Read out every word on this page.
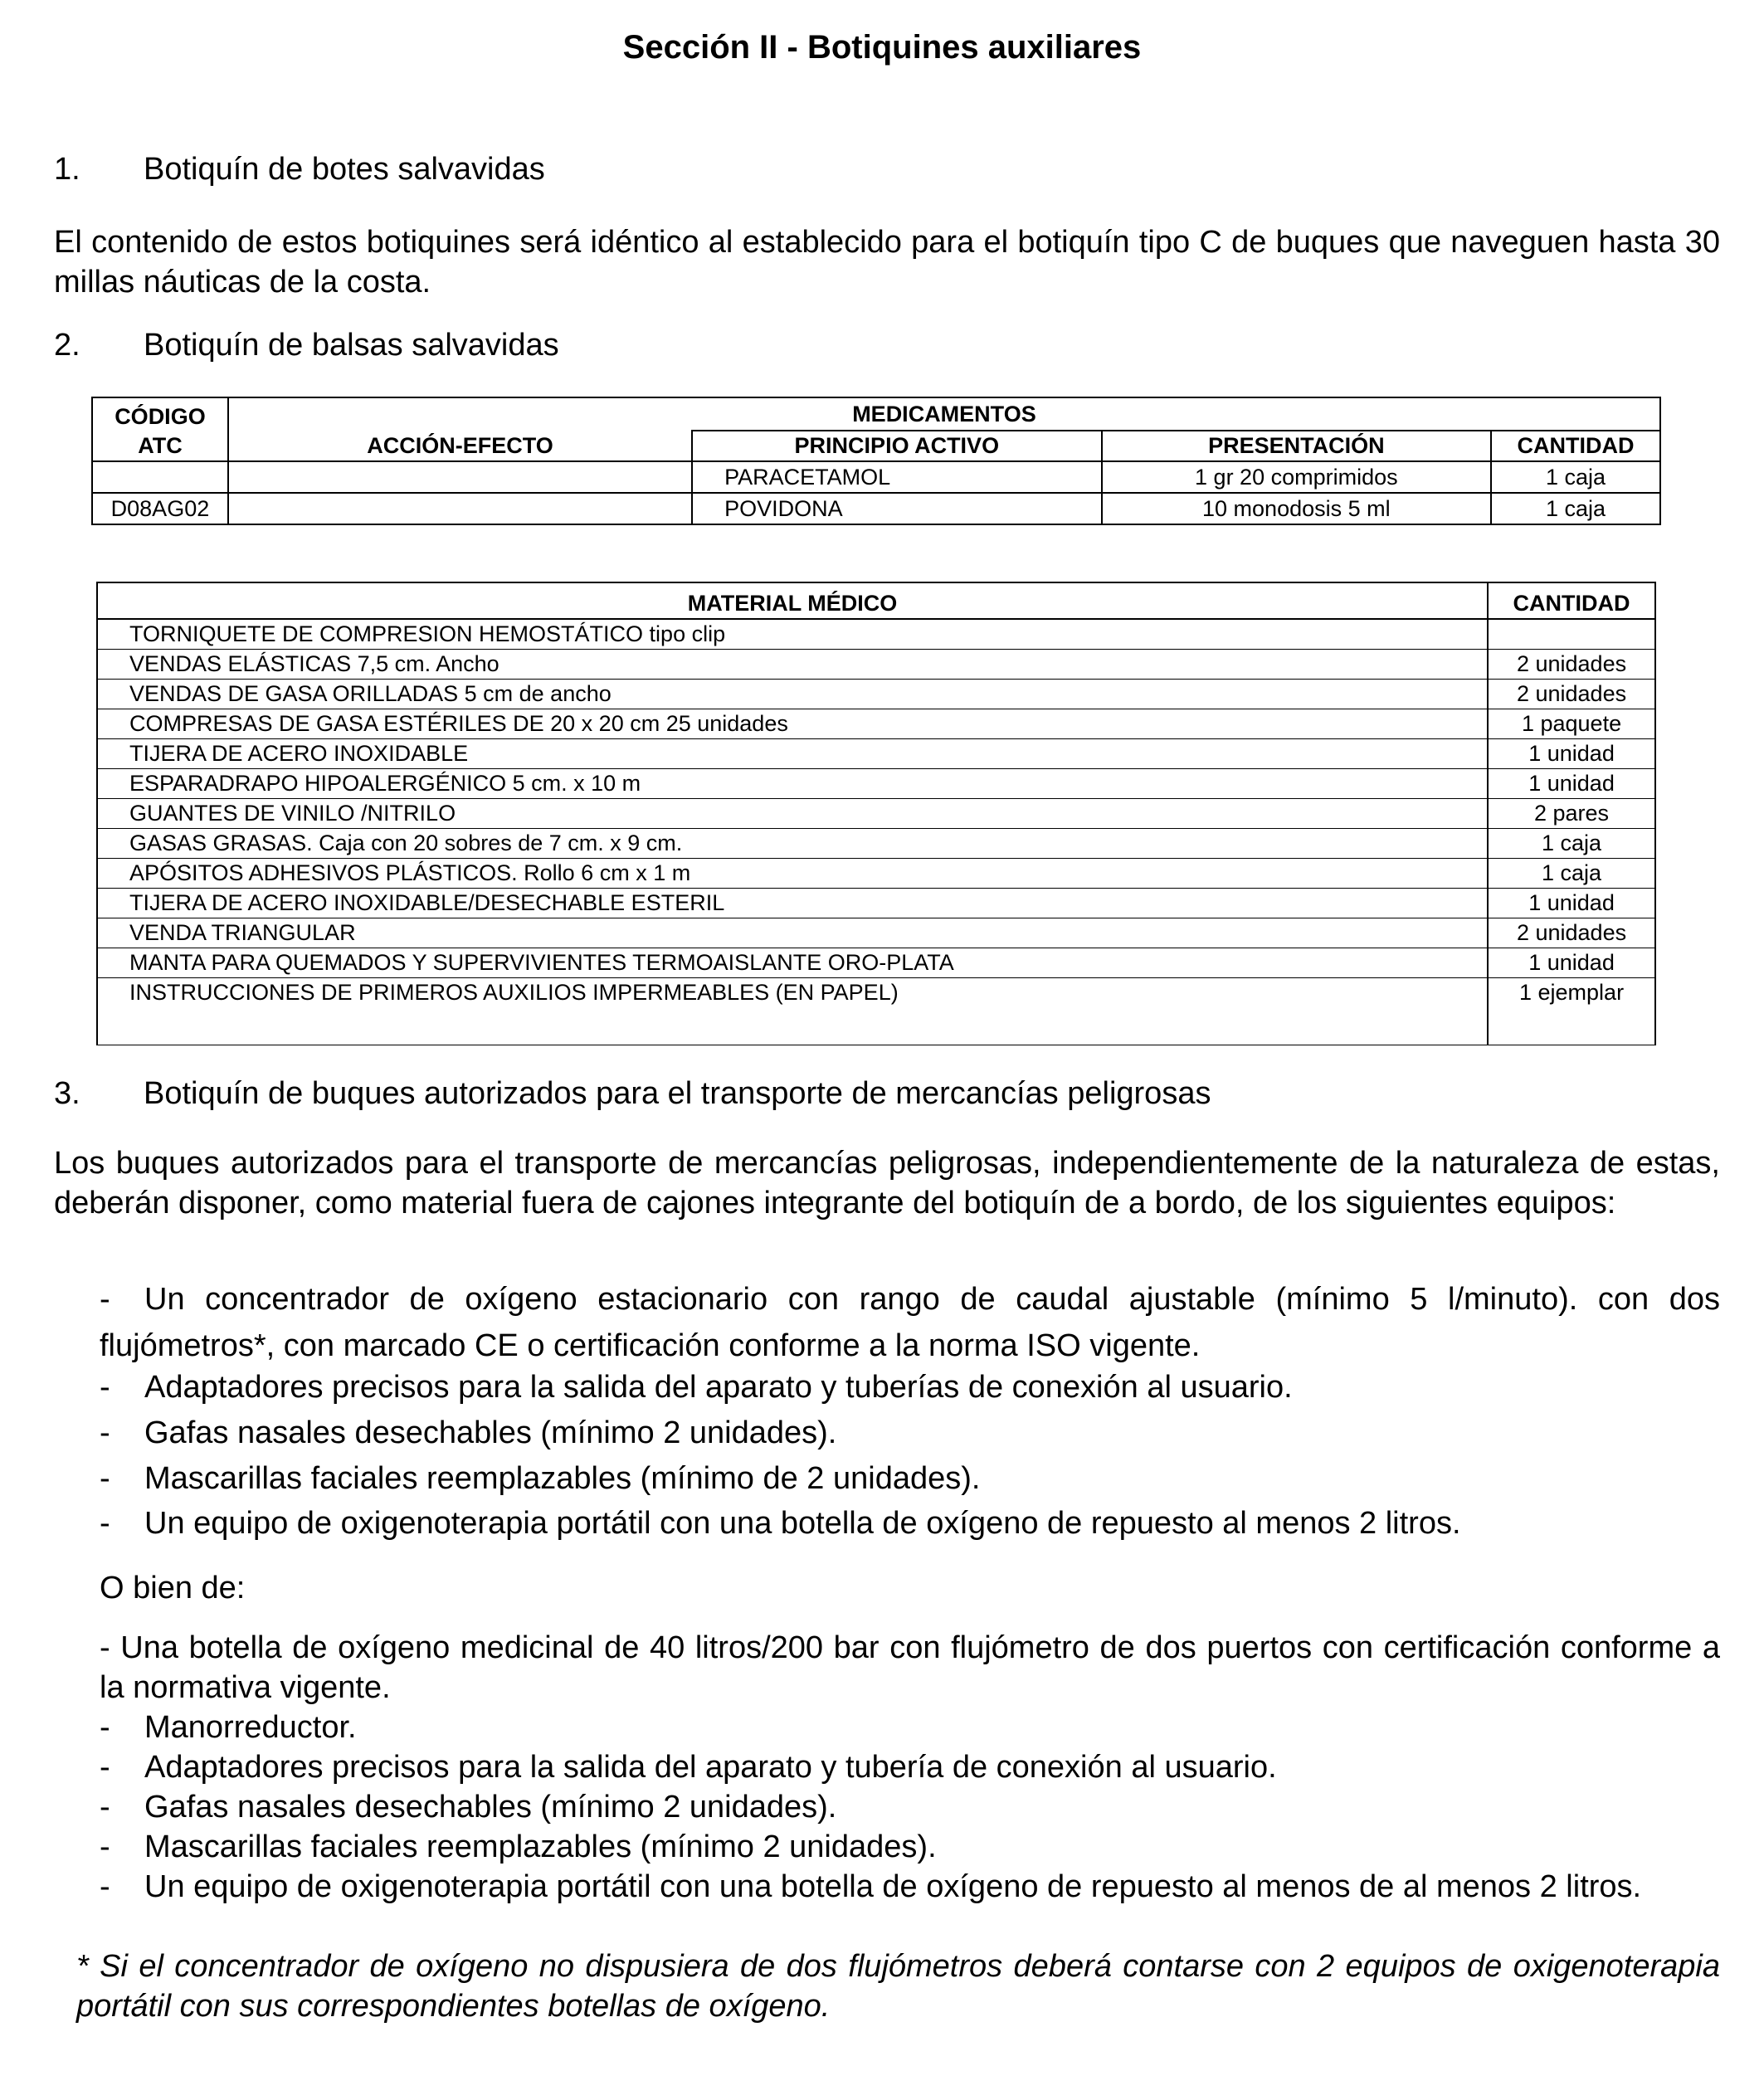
Sección II - Botiquines auxiliares
1. Botiquín de botes salvavidas
El contenido de estos botiquines será idéntico al establecido para el botiquín tipo C de buques que naveguen hasta 30 millas náuticas de la costa.
2. Botiquín de balsas salvavidas
CÓDIGO
ATC	MEDICAMENTOS			
	ACCIÓN-EFECTO	PRINCIPIO ACTIVO	PRESENTACIÓN	CANTIDAD
		PARACETAMOL	1 gr 20 comprimidos	1 caja
D08AG02		POVIDONA	10 monodosis 5 ml	1 caja
MATERIAL MÉDICO	CANTIDAD
TORNIQUETE DE COMPRESION HEMOSTÁTICO tipo clip	
VENDAS ELÁSTICAS 7,5 cm. Ancho	2 unidades
VENDAS DE GASA ORILLADAS 5 cm de ancho	2 unidades
COMPRESAS DE GASA ESTÉRILES DE 20 x 20 cm 25 unidades	1 paquete
TIJERA DE ACERO INOXIDABLE	1 unidad
ESPARADRAPO HIPOALERGÉNICO 5 cm. x 10 m	1 unidad
GUANTES DE VINILO /NITRILO	2 pares
GASAS GRASAS. Caja con 20 sobres de 7 cm. x 9 cm.	1 caja
APÓSITOS ADHESIVOS PLÁSTICOS. Rollo 6 cm x 1 m	1 caja
TIJERA DE ACERO INOXIDABLE/DESECHABLE ESTERIL	1 unidad
VENDA TRIANGULAR	2 unidades
MANTA PARA QUEMADOS Y SUPERVIVIENTES TERMOAISLANTE ORO-PLATA	1 unidad
INSTRUCCIONES DE PRIMEROS AUXILIOS IMPERMEABLES (EN PAPEL)	1 ejemplar
3. Botiquín de buques autorizados para el transporte de mercancías peligrosas
Los buques autorizados para el transporte de mercancías peligrosas, independientemente de la naturaleza de estas, deberán disponer, como material fuera de cajones integrante del botiquín de a bordo, de los siguientes equipos:
- Un concentrador de oxígeno estacionario con rango de caudal ajustable (mínimo 5 l/minuto). con dos flujómetros*, con marcado CE o certificación conforme a la norma ISO vigente.
- Adaptadores precisos para la salida del aparato y tuberías de conexión al usuario.
- Gafas nasales desechables (mínimo 2 unidades).
- Mascarillas faciales reemplazables (mínimo de 2 unidades).
- Un equipo de oxigenoterapia portátil con una botella de oxígeno de repuesto al menos 2 litros.
O bien de:
- Una botella de oxígeno medicinal de 40 litros/200 bar con flujómetro de dos puertos con certificación conforme a la normativa vigente.
- Manorreductor.
- Adaptadores precisos para la salida del aparato y tubería de conexión al usuario.
- Gafas nasales desechables (mínimo 2 unidades).
- Mascarillas faciales reemplazables (mínimo 2 unidades).
- Un equipo de oxigenoterapia portátil con una botella de oxígeno de repuesto al menos de al menos 2 litros.
* Si el concentrador de oxígeno no dispusiera de dos flujómetros deberá contarse con 2 equipos de oxigenoterapia portátil con sus correspondientes botellas de oxígeno.
